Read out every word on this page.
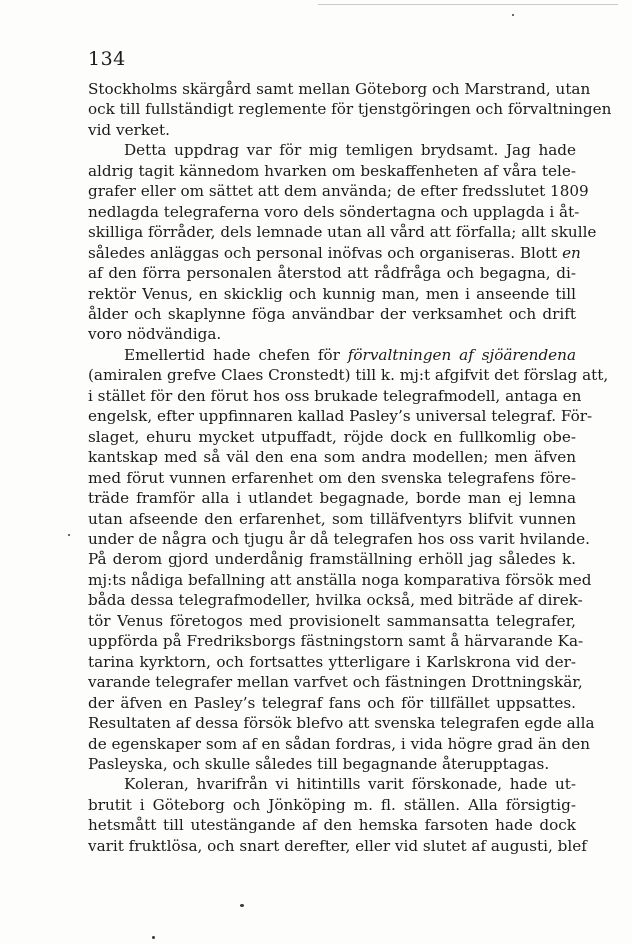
134

Stockholms skärgård samt mellan Göteborg och Marstrand, utan
ock till fullständigt reglemente för tjenstgöringen och förvaltningen
vid verket.

Detta uppdrag var för mig temligen brydsamt. Jag hade
aldrig tagit kännedom hvarken om beskaffenheten af våra tele-
grafer eller om sättet att dem använda; de efter fredsslutet 1809
nedlagda telegraferna voro dels söndertagna och upplagda i åt-
skilliga förråder, dels lemnade utan all vård att förfalla; allt skulle
således anläggas och personal inöfvas och organiseras. Blott en
af den förra personalen återstod att rådfråga och begagna, di-
rektör Venus, en skicklig och kunnig man, men i anseende till
ålder och skaplynne föga användbar der verksamhet och drift
voro nödvändiga.

Emellertid hade chefen för förvaltningen af sjöärendena
(amiralen grefve Claes Cronstedt) till k. mj:t afgifvit det förslag att,
i stället för den förut hos oss brukade telegrafmodell, antaga en
engelsk, efter uppfinnaren kallad Pasley’s universal telegraf. För-
slaget, ehuru mycket utpuffadt, röjde dock en fullkomlig obe-
kantskap med så väl den ena som andra modellen; men äfven
med förut vunnen erfarenhet om den svenska telegrafens före-
träde framför alla i utlandet begagnade, borde man ej lemna
utan afseende den erfarenhet, som tilläfventyrs blifvit vunnen
under de några och tjugu år då telegrafen hos oss varit hvilande.
På derom gjord underdånig framställning erhöll jag således k.
mj:ts nådiga befallning att anställa noga komparativa försök med
båda dessa telegrafmodeller, hvilka också, med biträde af direk-
tör Venus företogos med provisionelt sammansatta telegrafer,
uppförda på Fredriksborgs fästningstorn samt å härvarande Ka-
tarina kyrktorn, och fortsattes ytterligare i Karlskrona vid der-
varande telegrafer mellan varfvet och fästningen Drottningskär,
der äfven en Pasley’s telegraf fans och för tillfället uppsattes.
Resultaten af dessa försök blefvo att svenska telegrafen egde alla
de egenskaper som af en sådan fordras, i vida högre grad än den
Pasleyska, och skulle således till begagnande återupptagas.

Koleran, hvarifrån vi hitintills varit förskonade, hade ut-
brutit i Göteborg och Jönköping m. fl. ställen. Alla försigtig-
hetsmått till utestängande af den hemska farsoten hade dock
varit fruktlösa, och snart derefter, eller vid slutet af augusti, blef
